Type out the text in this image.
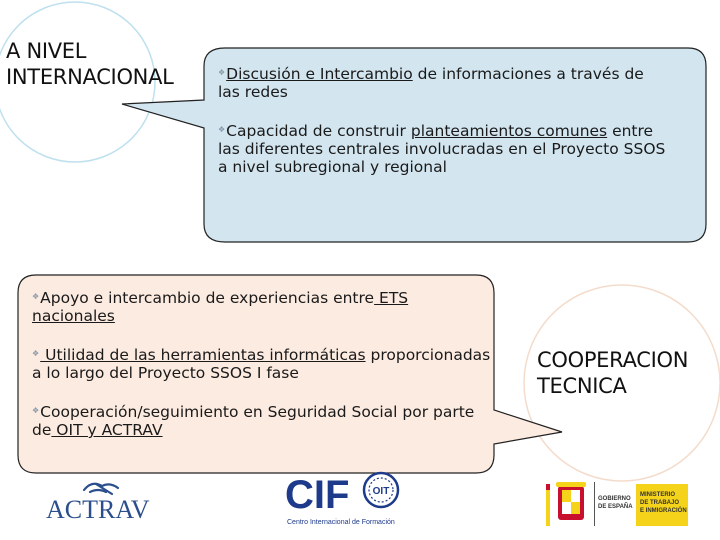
A NIVEL
INTERNACIONAL
COOPERACION
TECNICA

❖Discusión e Intercambio de informaciones a través de las redes

❖Capacidad de construir planteamientos comunes entre las diferentes centrales involucradas en el Proyecto SSOS a nivel subregional y regional

❖Apoyo e intercambio de experiencias entre ETS nacionales

❖ Utilidad de las herramientas informáticas proporcionadas a lo largo del Proyecto SSOS I fase

❖Cooperación/seguimiento en Seguridad Social por parte de OIT y ACTRAV

ACTRAV	CIF OIT
Centro Internacional de Formación
GOBIERNO DE ESPAÑA
MINISTERIO DE TRABAJO E INMIGRACIÓN
